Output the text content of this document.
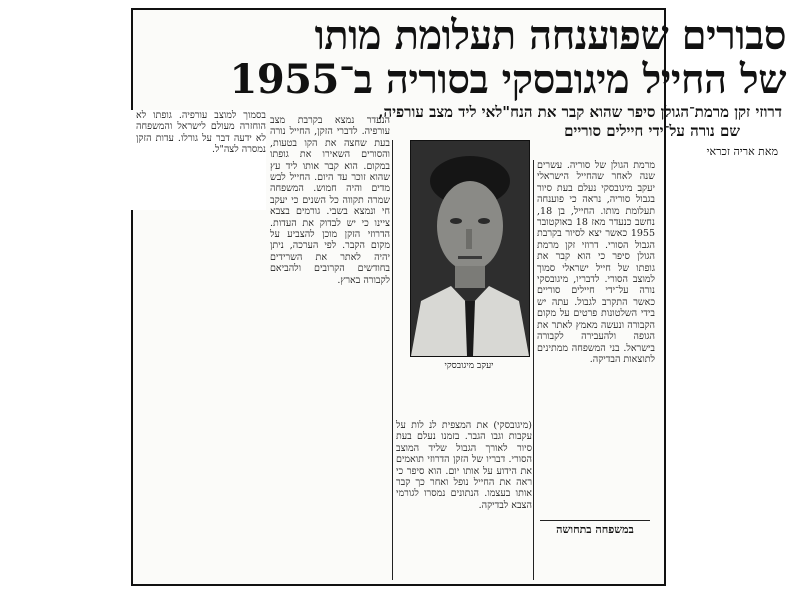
סבורים שפוענחה תעלומת מותו
של החייל מיגובסקי בסוריה ב־1955
דרוזי זקן מרמת־הגולן סיפר שהוא קבר את הנח"לאי ליד מצב עורפיה,
שם נורה על־ידי חיילים סוריים
מאת אריה זכראי
יעקב מיגובסקי
מרמת הגולן של סוריה. עשרים שנה לאחר שהחייל הישראלי יעקב מיגובסקי נעלם בעת סיור בגבול סוריה, נראה כי פוענחה תעלומת מותו. החייל, בן 18, נחשב כנעדר מאז 18 באוקטובר 1955 כאשר יצא לסיור בקרבת הגבול הסורי. דרוזי זקן מרמת הגולן סיפר כי הוא קבר את גופתו של חייל ישראלי סמוך למוצב הסורי. לדבריו, מיגובסקי נורה על־ידי חיילים סוריים כאשר התקרב לגבול. עתה יש בידי השלטונות פרטים על מקום הקבורה ונעשה מאמץ לאתר את הגופה ולהעבירה לקבורה בישראל. בני המשפחה ממתינים לתוצאות הבדיקה.
(מיגובסקי) את המצפית לנ לות על עקבות וגבו הגבר. בזמנו נעלם בעת סיור לאורך הגבול שליד המוצב הסורי. דבריו של הזקן הדרוזי תואמים את הידוע על אותו יום. הוא סיפר כי ראה את החייל נופל ואחר כך קבר אותו בעצמו. הנתונים נמסרו לגורמי הצבא לבדיקה.
הנעדר נמצא בקרבת מצב עורפיה. לדברי הזקן, החייל נורה בעת שחצה את הקו בטעות, והסורים השאירו את גופתו במקום. הוא קבר אותו ליד עץ שהוא זוכר עד היום. החייל לבש מדים והיה חמוש. המשפחה שמרה תקווה כל השנים כי יעקב חי ונמצא בשבי. גורמים בצבא ציינו כי יש לבדוק את העדות. הדרוזי הזקן מוכן להצביע על מקום הקבר. לפי הערכה, ניתן יהיה לאתר את השרידים בחודשים הקרובים ולהביאם לקבורה בארץ.
בסמוך למוצב עורפיה. גופתו לא הוחזרה מעולם לישראל והמשפחה לא ידעה דבר על גורלו. עדות הזקן נמסרה לצה"ל.
במשפחה בתחושה
